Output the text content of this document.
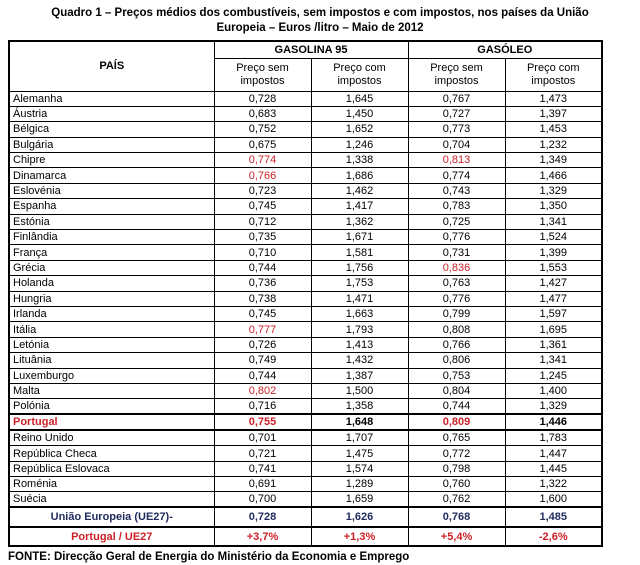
Quadro 1 – Preços médios dos combustíveis, sem impostos e com impostos, nos países da União Europeia – Euros /litro – Maio de 2012
PAÍS	GASOLINA 95		GASÓLEO	
	Preço sem impostos	Preço com impostos	Preço sem impostos	Preço com impostos
Alemanha	0,728	1,645	0,767	1,473
Áustria	0,683	1,450	0,727	1,397
Bélgica	0,752	1,652	0,773	1,453
Bulgária	0,675	1,246	0,704	1,232
Chipre	0,774	1,338	0,813	1,349
Dinamarca	0,766	1,686	0,774	1,466
Eslovénia	0,723	1,462	0,743	1,329
Espanha	0,745	1,417	0,783	1,350
Estónia	0,712	1,362	0,725	1,341
Finlândia	0,735	1,671	0,776	1,524
França	0,710	1,581	0,731	1,399
Grécia	0,744	1,756	0,836	1,553
Holanda	0,736	1,753	0,763	1,427
Hungria	0,738	1,471	0,776	1,477
Irlanda	0,745	1,663	0,799	1,597
Itália	0,777	1,793	0,808	1,695
Letónia	0,726	1,413	0,766	1,361
Lituânia	0,749	1,432	0,806	1,341
Luxemburgo	0,744	1,387	0,753	1,245
Malta	0,802	1,500	0,804	1,400
Polónia	0,716	1,358	0,744	1,329
Portugal	0,755	1,648	0,809	1,446
Reino Unido	0,701	1,707	0,765	1,783
República Checa	0,721	1,475	0,772	1,447
República Eslovaca	0,741	1,574	0,798	1,445
Roménia	0,691	1,289	0,760	1,322
Suécia	0,700	1,659	0,762	1,600
União Europeia (UE27)-	0,728	1,626	0,768	1,485
Portugal / UE27	+3,7%	+1,3%	+5,4%	-2,6%
FONTE: Direcção Geral de Energia do Ministério da Economia e Emprego
